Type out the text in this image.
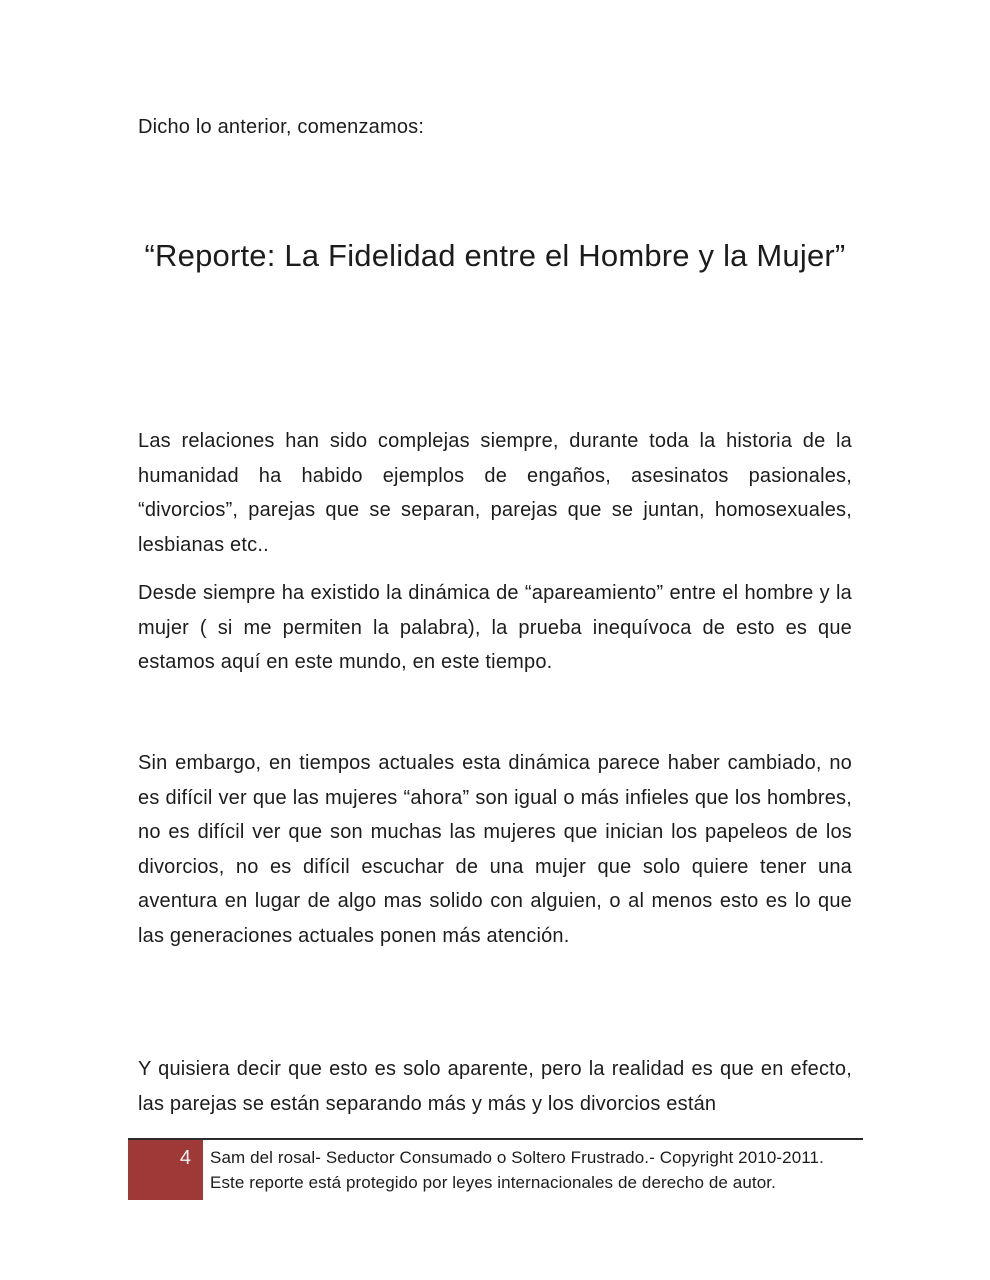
Dicho lo anterior, comenzamos:
“Reporte: La Fidelidad entre el Hombre y la Mujer”

Las relaciones han sido complejas siempre, durante toda la historia de la humanidad ha habido ejemplos de engaños, asesinatos pasionales, “divorcios”, parejas que se separan, parejas que se juntan, homosexuales, lesbianas etc..

Desde siempre ha existido la dinámica de “apareamiento” entre el hombre y la mujer ( si me permiten la palabra), la prueba inequívoca de esto es que estamos aquí en este mundo, en este tiempo.

Sin embargo, en tiempos actuales esta dinámica parece haber cambiado, no es difícil ver que las mujeres “ahora” son igual o más infieles que los hombres, no es difícil ver que son muchas las mujeres que inician los papeleos de los divorcios, no es difícil escuchar de una mujer que solo quiere tener una aventura en lugar de algo mas solido con alguien, o al menos esto es lo que las generaciones actuales ponen más atención.

Y quisiera decir que esto es solo aparente, pero la realidad es que en efecto, las parejas se están separando más y más y los divorcios están

4	Sam del rosal- Seductor Consumado o Soltero Frustrado.- Copyright 2010-2011.
Este reporte está protegido por leyes internacionales de derecho de autor.
